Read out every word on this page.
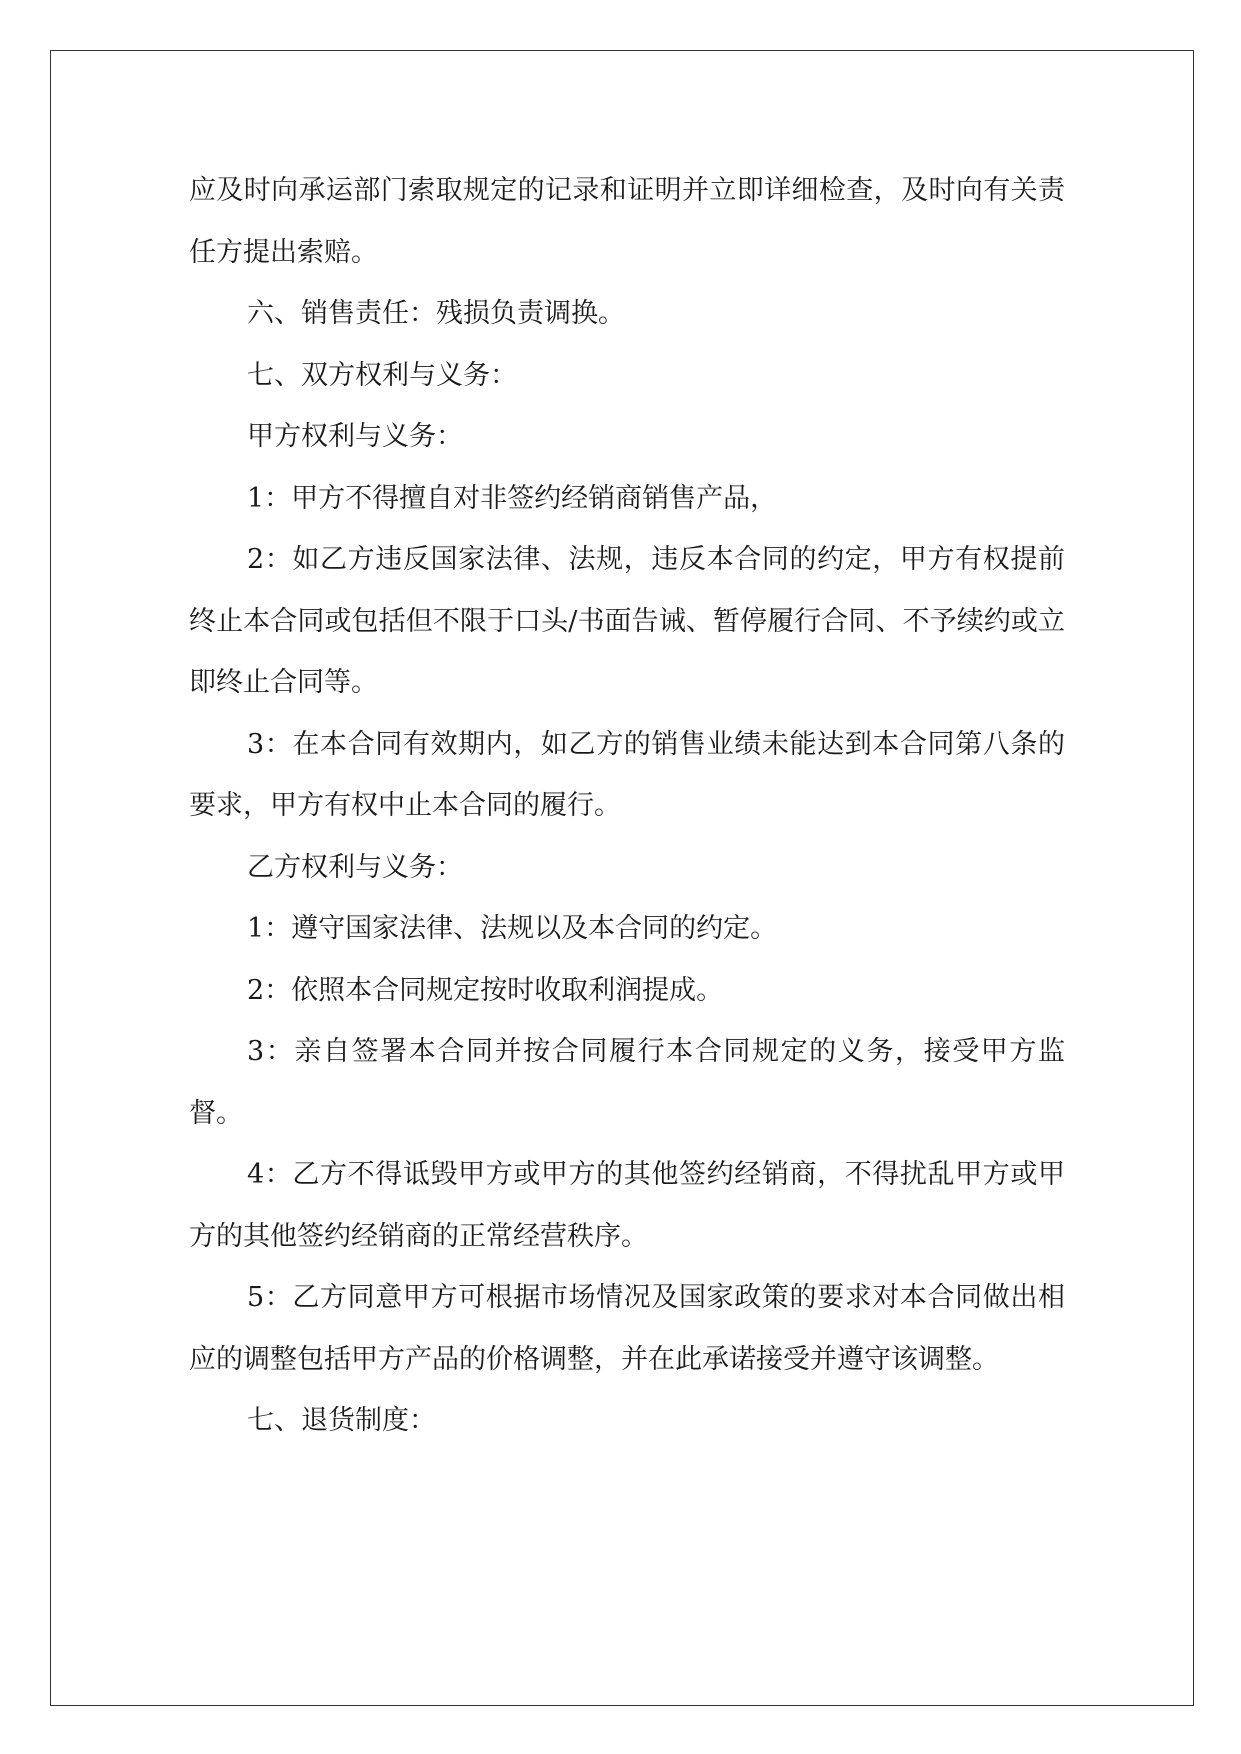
应及时向承运部门索取规定的记录和证明并立即详细检查，及时向有关责任方提出索赔。

六、销售责任：残损负责调换。

七、双方权利与义务：

甲方权利与义务：

1：甲方不得擅自对非签约经销商销售产品，

2：如乙方违反国家法律、法规，违反本合同的约定，甲方有权提前终止本合同或包括但不限于口头/书面告诫、暂停履行合同、不予续约或立即终止合同等。

3：在本合同有效期内，如乙方的销售业绩未能达到本合同第八条的要求，甲方有权中止本合同的履行。

乙方权利与义务：

1：遵守国家法律、法规以及本合同的约定。

2：依照本合同规定按时收取利润提成。

3：亲自签署本合同并按合同履行本合同规定的义务，接受甲方监督。

4：乙方不得诋毁甲方或甲方的其他签约经销商，不得扰乱甲方或甲方的其他签约经销商的正常经营秩序。

5：乙方同意甲方可根据市场情况及国家政策的要求对本合同做出相应的调整包括甲方产品的价格调整，并在此承诺接受并遵守该调整。

七、退货制度：
